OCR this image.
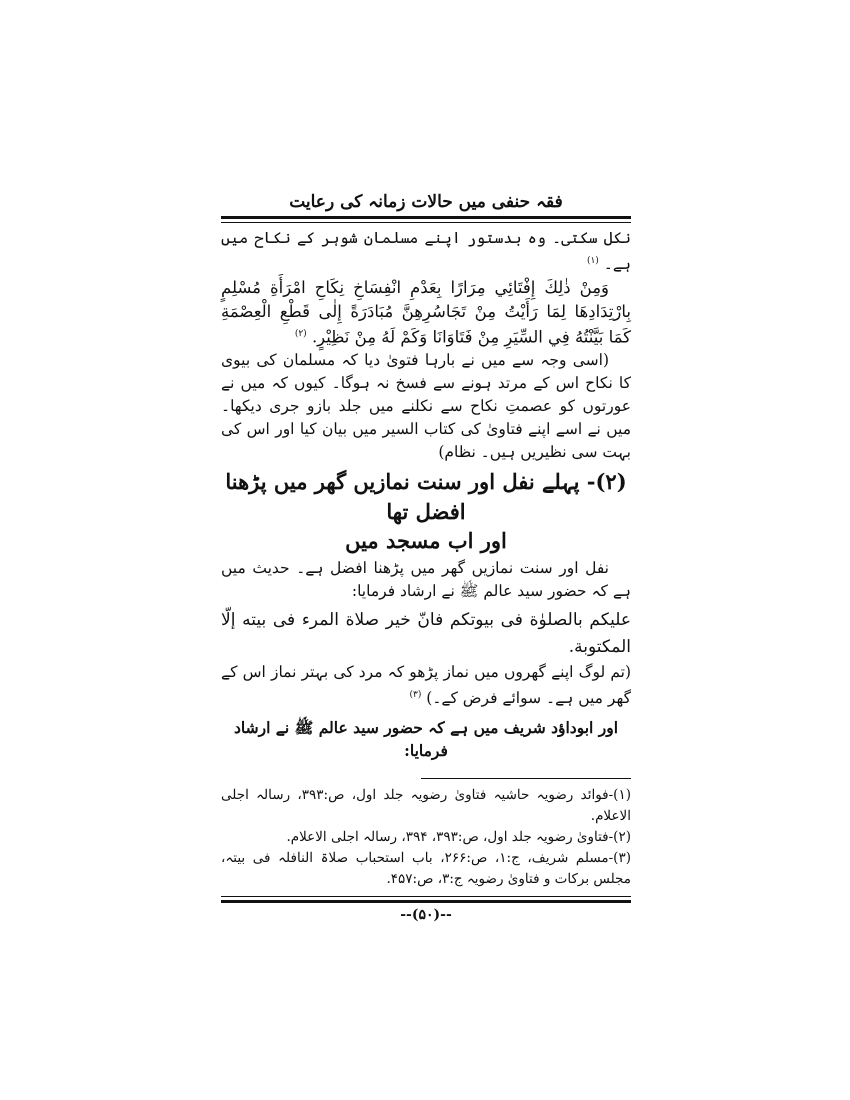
فقہ حنفی میں حالات زمانہ کی رعایت

نکل سکتی۔ وہ بدستور اپنے مسلمان شوہر کے نکاح میں ہے۔ $^{(۱)}$

وَمِنْ ذٰلِكَ إِفْتَائِي مِرَارًا بِعَدْمِ انْفِسَاخِ نِكَاحِ امْرَأَةِ مُسْلِمٍ بِارْتِدَادِهَا لِمَا رَأَيْتُ مِنْ تَجَاسُرِهِنَّ مُبَادَرَةً إِلٰى قَطْعِ الْعِصْمَةِ كَمَا بَيَّنْتُهُ فِي السِّيَرِ مِنْ فَتَاوَانَا وَكَمْ لَهُ مِنْ نَظِيْرٍ. $^{(۲)}$

(اسی وجہ سے میں نے بارہا فتویٰ دیا کہ مسلمان کی بیوی کا نکاح اس کے مرتد ہونے سے فسخ نہ ہوگا۔ کیوں کہ میں نے عورتوں کو عصمتِ نکاح سے نکلنے میں جلد بازو جری دیکھا۔ میں نے اسے اپنے فتاویٰ کی کتاب السیر میں بیان کیا اور اس کی بہت سی نظیریں ہیں۔ نظام)

(۲)- پہلے نفل اور سنت نمازیں گھر میں پڑھنا افضل تھا
اور اب مسجد میں

نفل اور سنت نمازیں گھر میں پڑھنا افضل ہے۔ حدیث میں ہے کہ حضور سید عالم ﷺ نے ارشاد فرمایا:

عليكم بالصلوٰة فى بيوتكم فانّ خير صلاة المرء فى بيته إلّا المكتوبة.

(تم لوگ اپنے گھروں میں نماز پڑھو کہ مرد کی بہتر نماز اس کے گھر میں ہے۔ سوائے فرض کے۔) $^{(۳)}$

اور ابوداؤد شریف میں ہے کہ حضور سید عالم ﷺ نے ارشاد فرمایا:

(۱)-فوائد رضویہ حاشیہ فتاویٰ رضویہ جلد اول، ص:۳۹۳، رسالہ اجلی الاعلام.

(۲)-فتاویٰ رضویہ جلد اول، ص:۳۹۳، ۳۹۴، رسالہ اجلی الاعلام.

(۳)-مسلم شریف، ج:۱، ص:۲۶۶، باب استحباب صلاۃ النافلہ فی بیتہ، مجلس برکات و فتاویٰ رضویہ ج:۳، ص:۴۵۷.

--(۵۰)--
